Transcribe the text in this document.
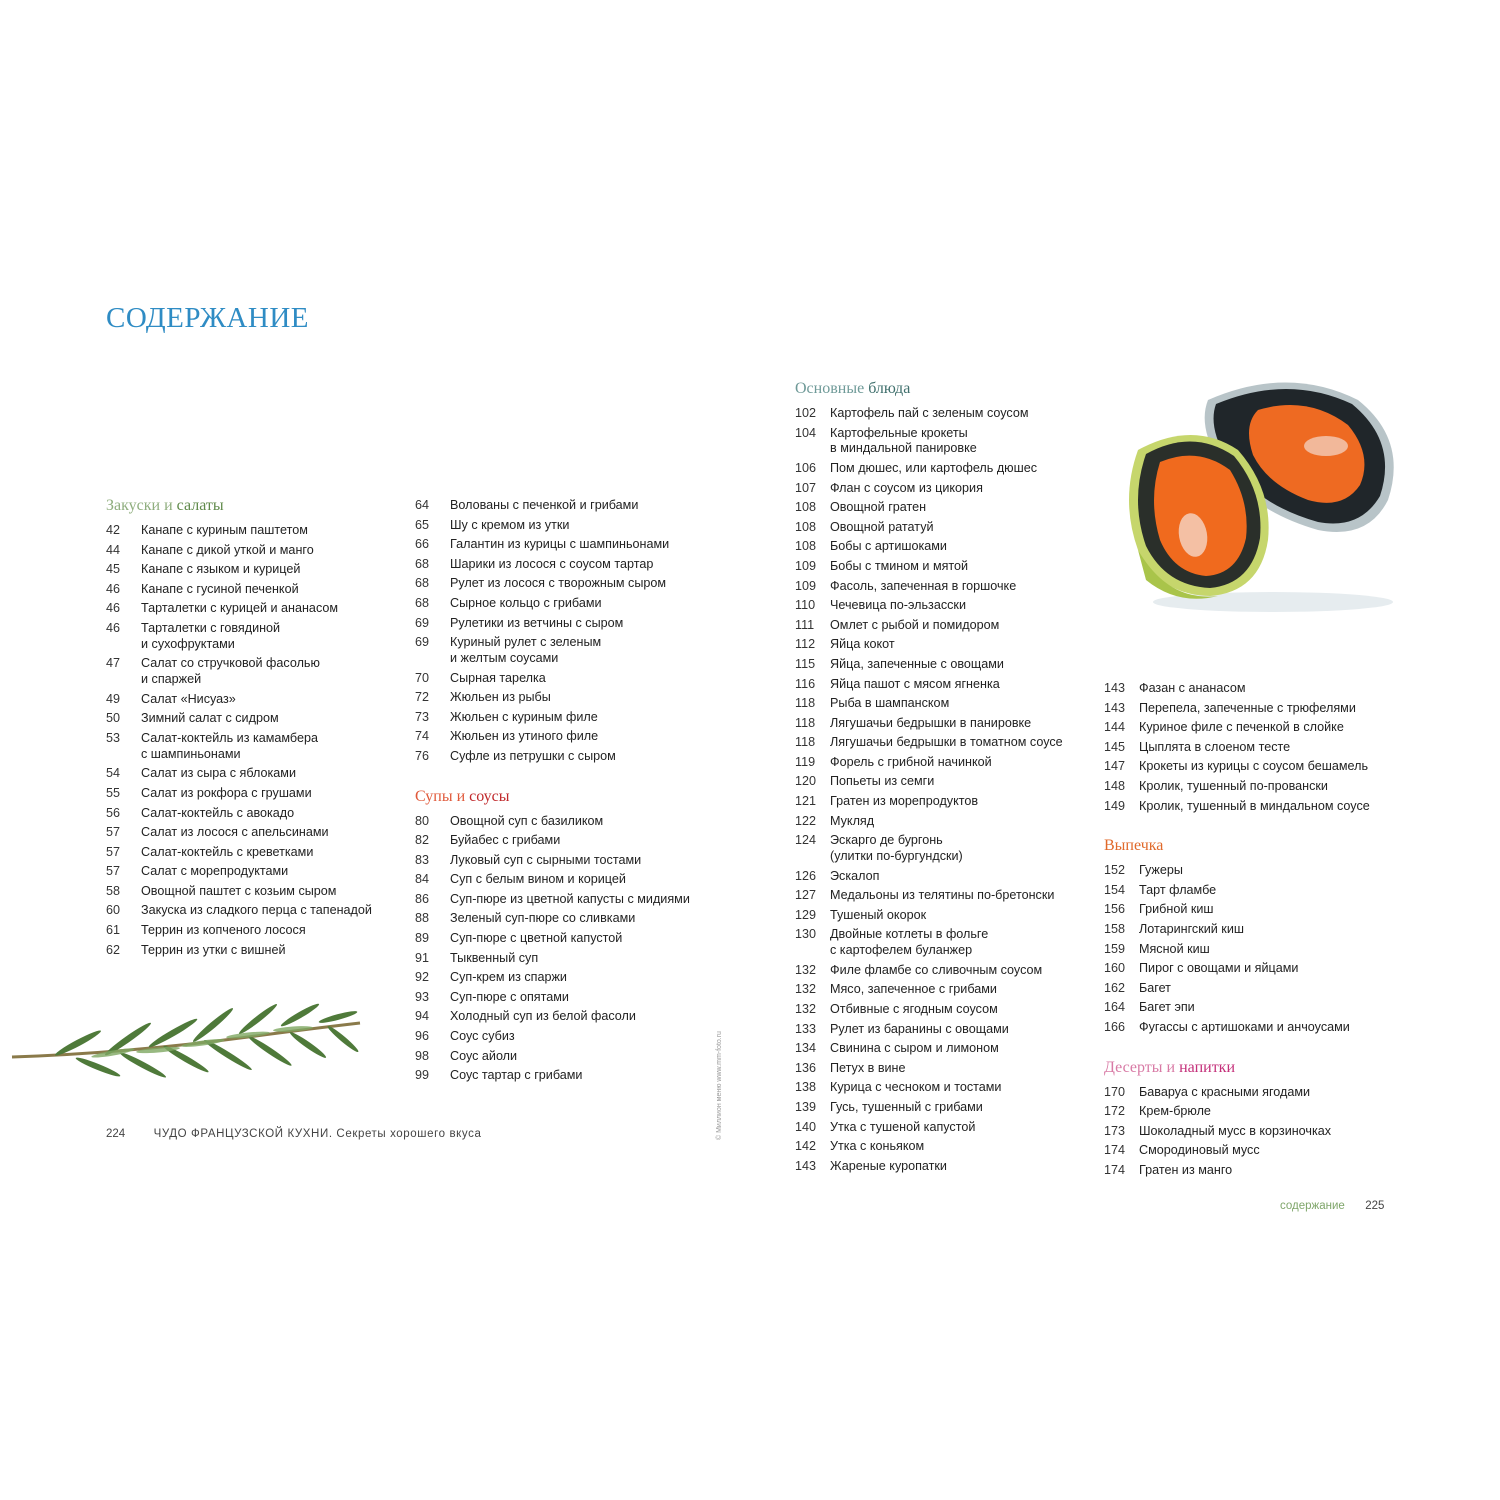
СОДЕРЖАНИЕ
Закуски и салаты
42	Канапе с куриным паштетом
44	Канапе с дикой уткой и манго
45	Канапе с языком и курицей
46	Канапе с гусиной печенкой
46	Тарталетки с курицей и ананасом
46	Тарталетки с говядиной
и сухофруктами
47	Салат со стручковой фасолью
и спаржей
49	Салат «Нисуаз»
50	Зимний салат с сидром
53	Салат-коктейль из камамбера
с шампиньонами
54	Салат из сыра с яблоками
55	Салат из рокфора с грушами
56	Салат-коктейль с авокадо
57	Салат из лосося с апельсинами
57	Салат-коктейль с креветками
57	Салат с морепродуктами
58	Овощной паштет с козьим сыром
60	Закуска из сладкого перца с тапенадой
61	Террин из копченого лосося
62	Террин из утки с вишней
64	Волованы с печенкой и грибами
65	Шу с кремом из утки
66	Галантин из курицы с шампиньонами
68	Шарики из лосося с соусом тартар
68	Рулет из лосося с творожным сыром
68	Сырное кольцо с грибами
69	Рулетики из ветчины с сыром
69	Куриный рулет с зеленым
и желтым соусами
70	Сырная тарелка
72	Жюльен из рыбы
73	Жюльен с куриным филе
74	Жюльен из утиного филе
76	Суфле из петрушки с сыром
Супы и соусы
80	Овощной суп с базиликом
82	Буйабес с грибами
83	Луковый суп с сырными тостами
84	Суп с белым вином и корицей
86	Суп-пюре из цветной капусты с мидиями
88	Зеленый суп-пюре со сливками
89	Суп-пюре с цветной капустой
91	Тыквенный суп
92	Суп-крем из спаржи
93	Суп-пюре с опятами
94	Холодный суп из белой фасоли
96	Соус субиз
98	Соус айоли
99	Соус тартар с грибами
Основные блюда
102	Картофель пай с зеленым соусом
104	Картофельные крокеты
в миндальной панировке
106	Пом дюшес, или картофель дюшес
107	Флан с соусом из цикория
108	Овощной гратен
108	Овощной рататуй
108	Бобы с артишоками
109	Бобы с тмином и мятой
109	Фасоль, запеченная в горшочке
110	Чечевица по-эльзасски
111	Омлет с рыбой и помидором
112	Яйца кокот
115	Яйца, запеченные с овощами
116	Яйца пашот с мясом ягненка
118	Рыба в шампанском
118	Лягушачьи бедрышки в панировке
118	Лягушачьи бедрышки в томатном соусе
119	Форель с грибной начинкой
120	Попьеты из семги
121	Гратен из морепродуктов
122	Мукляд
124	Эскарго де бургонь
(улитки по-бургундски)
126	Эскалоп
127	Медальоны из телятины по-бретонски
129	Тушеный окорок
130	Двойные котлеты в фольге
с картофелем буланжер
132	Филе фламбе со сливочным соусом
132	Мясо, запеченное с грибами
132	Отбивные с ягодным соусом
133	Рулет из баранины с овощами
134	Свинина с сыром и лимоном
136	Петух в вине
138	Курица с чесноком и тостами
139	Гусь, тушенный с грибами
140	Утка с тушеной капустой
142	Утка с коньяком
143	Жареные куропатки
143	Фазан с ананасом
143	Перепела, запеченные с трюфелями
144	Куриное филе с печенкой в слойке
145	Цыплята в слоеном тесте
147	Крокеты из курицы с соусом бешамель
148	Кролик, тушенный по-провански
149	Кролик, тушенный в миндальном соусе
Выпечка
152	Гужеры
154	Тарт фламбе
156	Грибной киш
158	Лотарингский киш
159	Мясной киш
160	Пирог с овощами и яйцами
162	Багет
164	Багет эпи
166	Фугассы с артишоками и анчоусами
Десерты и напитки
170	Баваруа с красными ягодами
172	Крем-брюле
173	Шоколадный мусс в корзиночках
174	Смородиновый мусс
174	Гратен из манго
224 ЧУДО ФРАНЦУЗСКОЙ КУХНИ. Секреты хорошего вкуса
содержание 225
© Миллион меню www.mm-foto.ru
